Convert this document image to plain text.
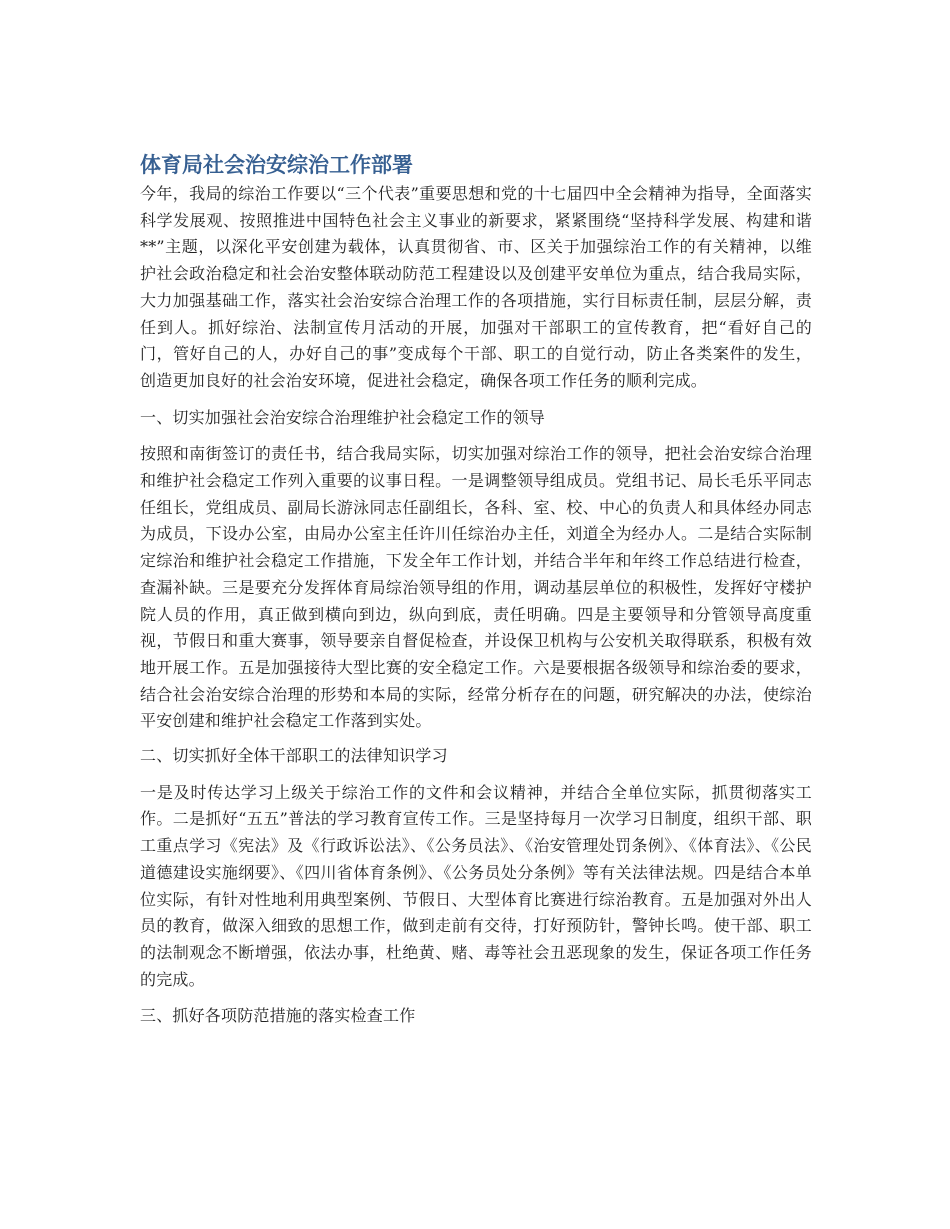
体育局社会治安综治工作部署

今年，我局的综治工作要以“三个代表”重要思想和党的十七届四中全会精神为指导，全面落实科学发展观、按照推进中国特色社会主义事业的新要求，紧紧围绕“坚持科学发展、构建和谐**”主题，以深化平安创建为载体，认真贯彻省、市、区关于加强综治工作的有关精神，以维护社会政治稳定和社会治安整体联动防范工程建设以及创建平安单位为重点，结合我局实际，大力加强基础工作，落实社会治安综合治理工作的各项措施，实行目标责任制，层层分解，责任到人。抓好综治、法制宣传月活动的开展，加强对干部职工的宣传教育，把“看好自己的门，管好自己的人，办好自己的事”变成每个干部、职工的自觉行动，防止各类案件的发生，创造更加良好的社会治安环境，促进社会稳定，确保各项工作任务的顺利完成。

一、切实加强社会治安综合治理维护社会稳定工作的领导

按照和南街签订的责任书，结合我局实际，切实加强对综治工作的领导，把社会治安综合治理和维护社会稳定工作列入重要的议事日程。一是调整领导组成员。党组书记、局长毛乐平同志任组长，党组成员、副局长游泳同志任副组长，各科、室、校、中心的负责人和具体经办同志为成员，下设办公室，由局办公室主任许川任综治办主任，刘道全为经办人。二是结合实际制定综治和维护社会稳定工作措施，下发全年工作计划，并结合半年和年终工作总结进行检查，查漏补缺。三是要充分发挥体育局综治领导组的作用，调动基层单位的积极性，发挥好守楼护院人员的作用，真正做到横向到边，纵向到底，责任明确。四是主要领导和分管领导高度重视，节假日和重大赛事，领导要亲自督促检查，并设保卫机构与公安机关取得联系，积极有效地开展工作。五是加强接待大型比赛的安全稳定工作。六是要根据各级领导和综治委的要求，结合社会治安综合治理的形势和本局的实际，经常分析存在的问题，研究解决的办法，使综治平安创建和维护社会稳定工作落到实处。

二、切实抓好全体干部职工的法律知识学习

一是及时传达学习上级关于综治工作的文件和会议精神，并结合全单位实际，抓贯彻落实工作。二是抓好“五五”普法的学习教育宣传工作。三是坚持每月一次学习日制度，组织干部、职工重点学习《宪法》及《行政诉讼法》、《公务员法》、《治安管理处罚条例》、《体育法》、《公民道德建设实施纲要》、《四川省体育条例》、《公务员处分条例》等有关法律法规。四是结合本单位实际，有针对性地利用典型案例、节假日、大型体育比赛进行综治教育。五是加强对外出人员的教育，做深入细致的思想工作，做到走前有交待，打好预防针，警钟长鸣。使干部、职工的法制观念不断增强，依法办事，杜绝黄、赌、毒等社会丑恶现象的发生，保证各项工作任务的完成。

三、抓好各项防范措施的落实检查工作
